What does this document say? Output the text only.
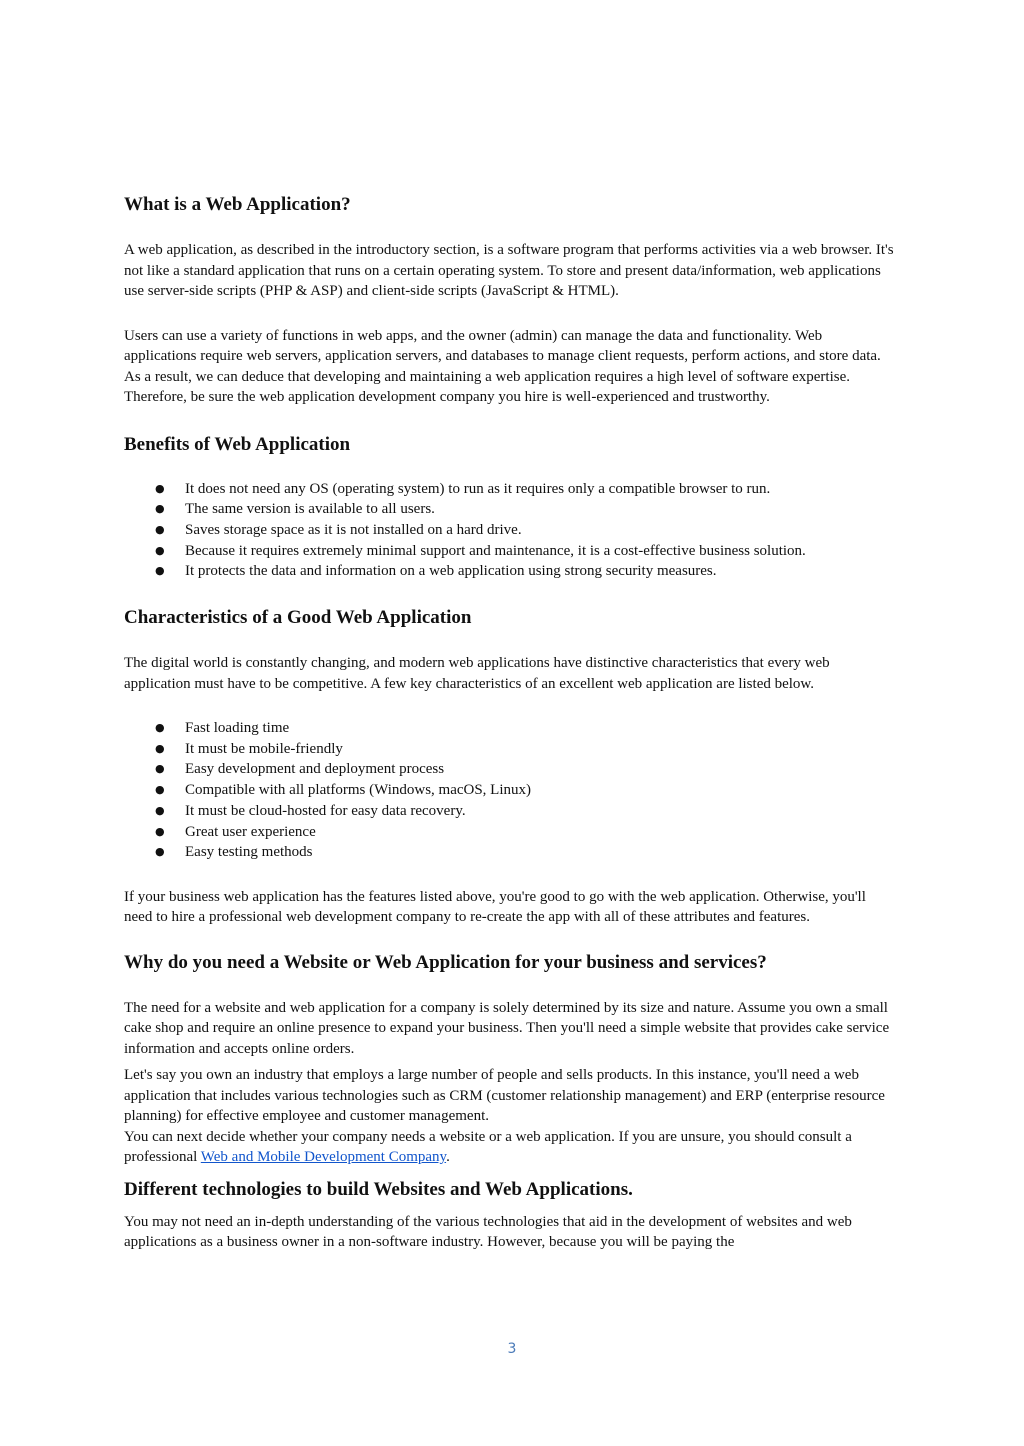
What is a Web Application?

A web application, as described in the introductory section, is a software program that performs activities via a web browser. It's not like a standard application that runs on a certain operating system. To store and present data/information, web applications use server-side scripts (PHP & ASP) and client-side scripts (JavaScript & HTML).

Users can use a variety of functions in web apps, and the owner (admin) can manage the data and functionality. Web applications require web servers, application servers, and databases to manage client requests, perform actions, and store data. As a result, we can deduce that developing and maintaining a web application requires a high level of software expertise. Therefore, be sure the web application development company you hire is well-experienced and trustworthy.

Benefits of Web Application
● It does not need any OS (operating system) to run as it requires only a compatible browser to run.
● The same version is available to all users.
● Saves storage space as it is not installed on a hard drive.
● Because it requires extremely minimal support and maintenance, it is a cost-effective business solution.
● It protects the data and information on a web application using strong security measures.
Characteristics of a Good Web Application

The digital world is constantly changing, and modern web applications have distinctive characteristics that every web application must have to be competitive. A few key characteristics of an excellent web application are listed below.

● Fast loading time
● It must be mobile-friendly
● Easy development and deployment process
● Compatible with all platforms (Windows, macOS, Linux)
● It must be cloud-hosted for easy data recovery.
● Great user experience
● Easy testing methods

If your business web application has the features listed above, you're good to go with the web application. Otherwise, you'll need to hire a professional web development company to re-create the app with all of these attributes and features.

Why do you need a Website or Web Application for your business and services?

The need for a website and web application for a company is solely determined by its size and nature. Assume you own a small cake shop and require an online presence to expand your business. Then you'll need a simple website that provides cake service information and accepts online orders.

Let's say you own an industry that employs a large number of people and sells products. In this instance, you'll need a web application that includes various technologies such as CRM (customer relationship management) and ERP (enterprise resource planning) for effective employee and customer management.

You can next decide whether your company needs a website or a web application. If you are unsure, you should consult a professional Web and Mobile Development Company.

Different technologies to build Websites and Web Applications.

You may not need an in-depth understanding of the various technologies that aid in the development of websites and web applications as a business owner in a non-software industry. However, because you will be paying the

3
